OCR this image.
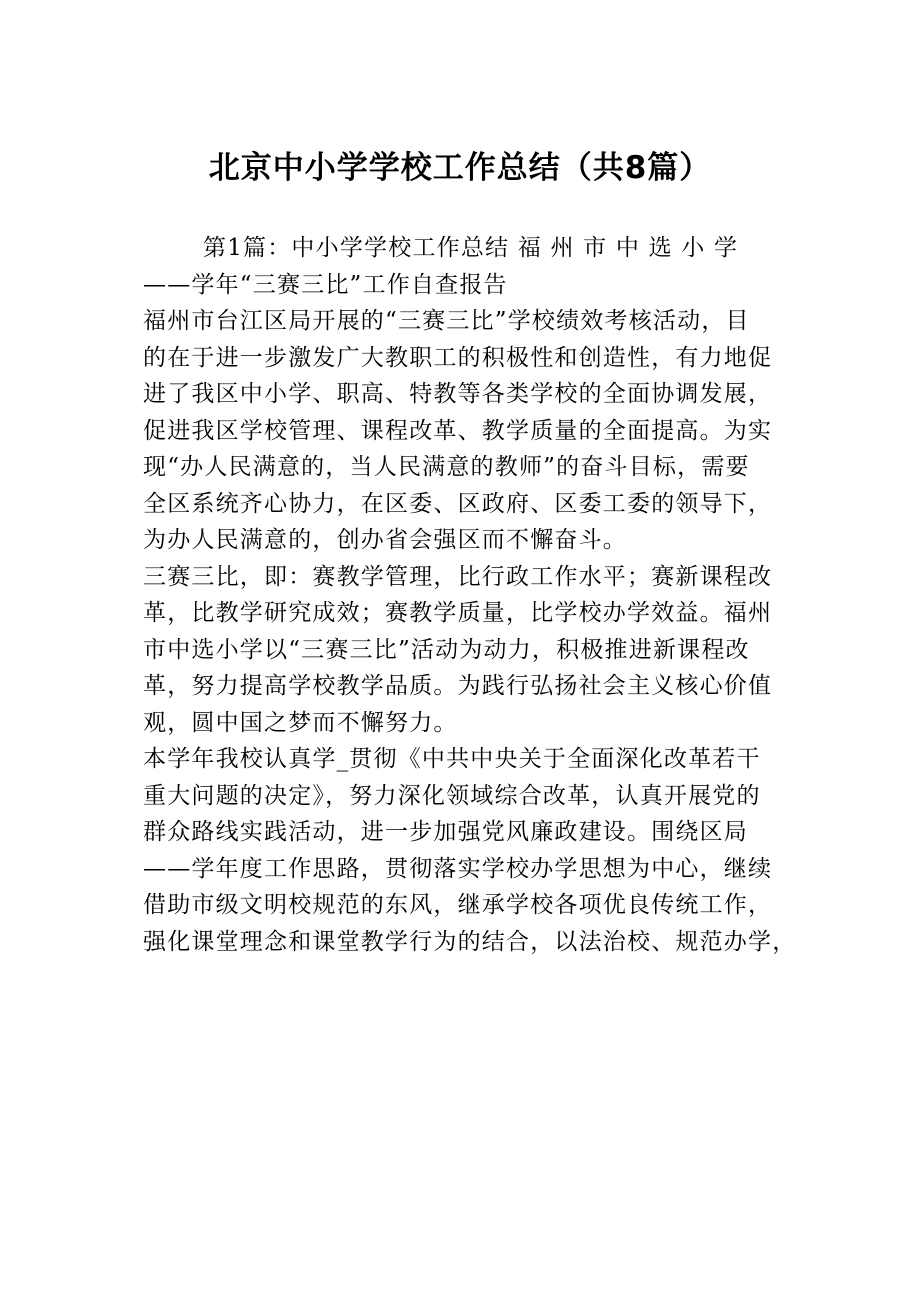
北京中小学学校工作总结（共8篇）
第1篇：中小学学校工作总结 福 州 市 中 选 小 学
——学年“三赛三比”工作自查报告
福州市台江区局开展的“三赛三比”学校绩效考核活动，目
的在于进一步激发广大教职工的积极性和创造性，有力地促
进了我区中小学、职高、特教等各类学校的全面协调发展，
促进我区学校管理、课程改革、教学质量的全面提高。为实
现“办人民满意的，当人民满意的教师”的奋斗目标，需要
全区系统齐心协力，在区委、区政府、区委工委的领导下，
为办人民满意的，创办省会强区而不懈奋斗。
三赛三比，即：赛教学管理，比行政工作水平；赛新课程改
革，比教学研究成效；赛教学质量，比学校办学效益。福州
市中选小学以“三赛三比”活动为动力，积极推进新课程改
革，努力提高学校教学品质。为践行弘扬社会主义核心价值
观，圆中国之梦而不懈努力。
本学年我校认真学_贯彻《中共中央关于全面深化改革若干
重大问题的决定》，努力深化领域综合改革，认真开展党的
群众路线实践活动，进一步加强党风廉政建设。围绕区局
——学年度工作思路，贯彻落实学校办学思想为中心，继续
借助市级文明校规范的东风，继承学校各项优良传统工作，
强化课堂理念和课堂教学行为的结合，以法治校、规范办学，
